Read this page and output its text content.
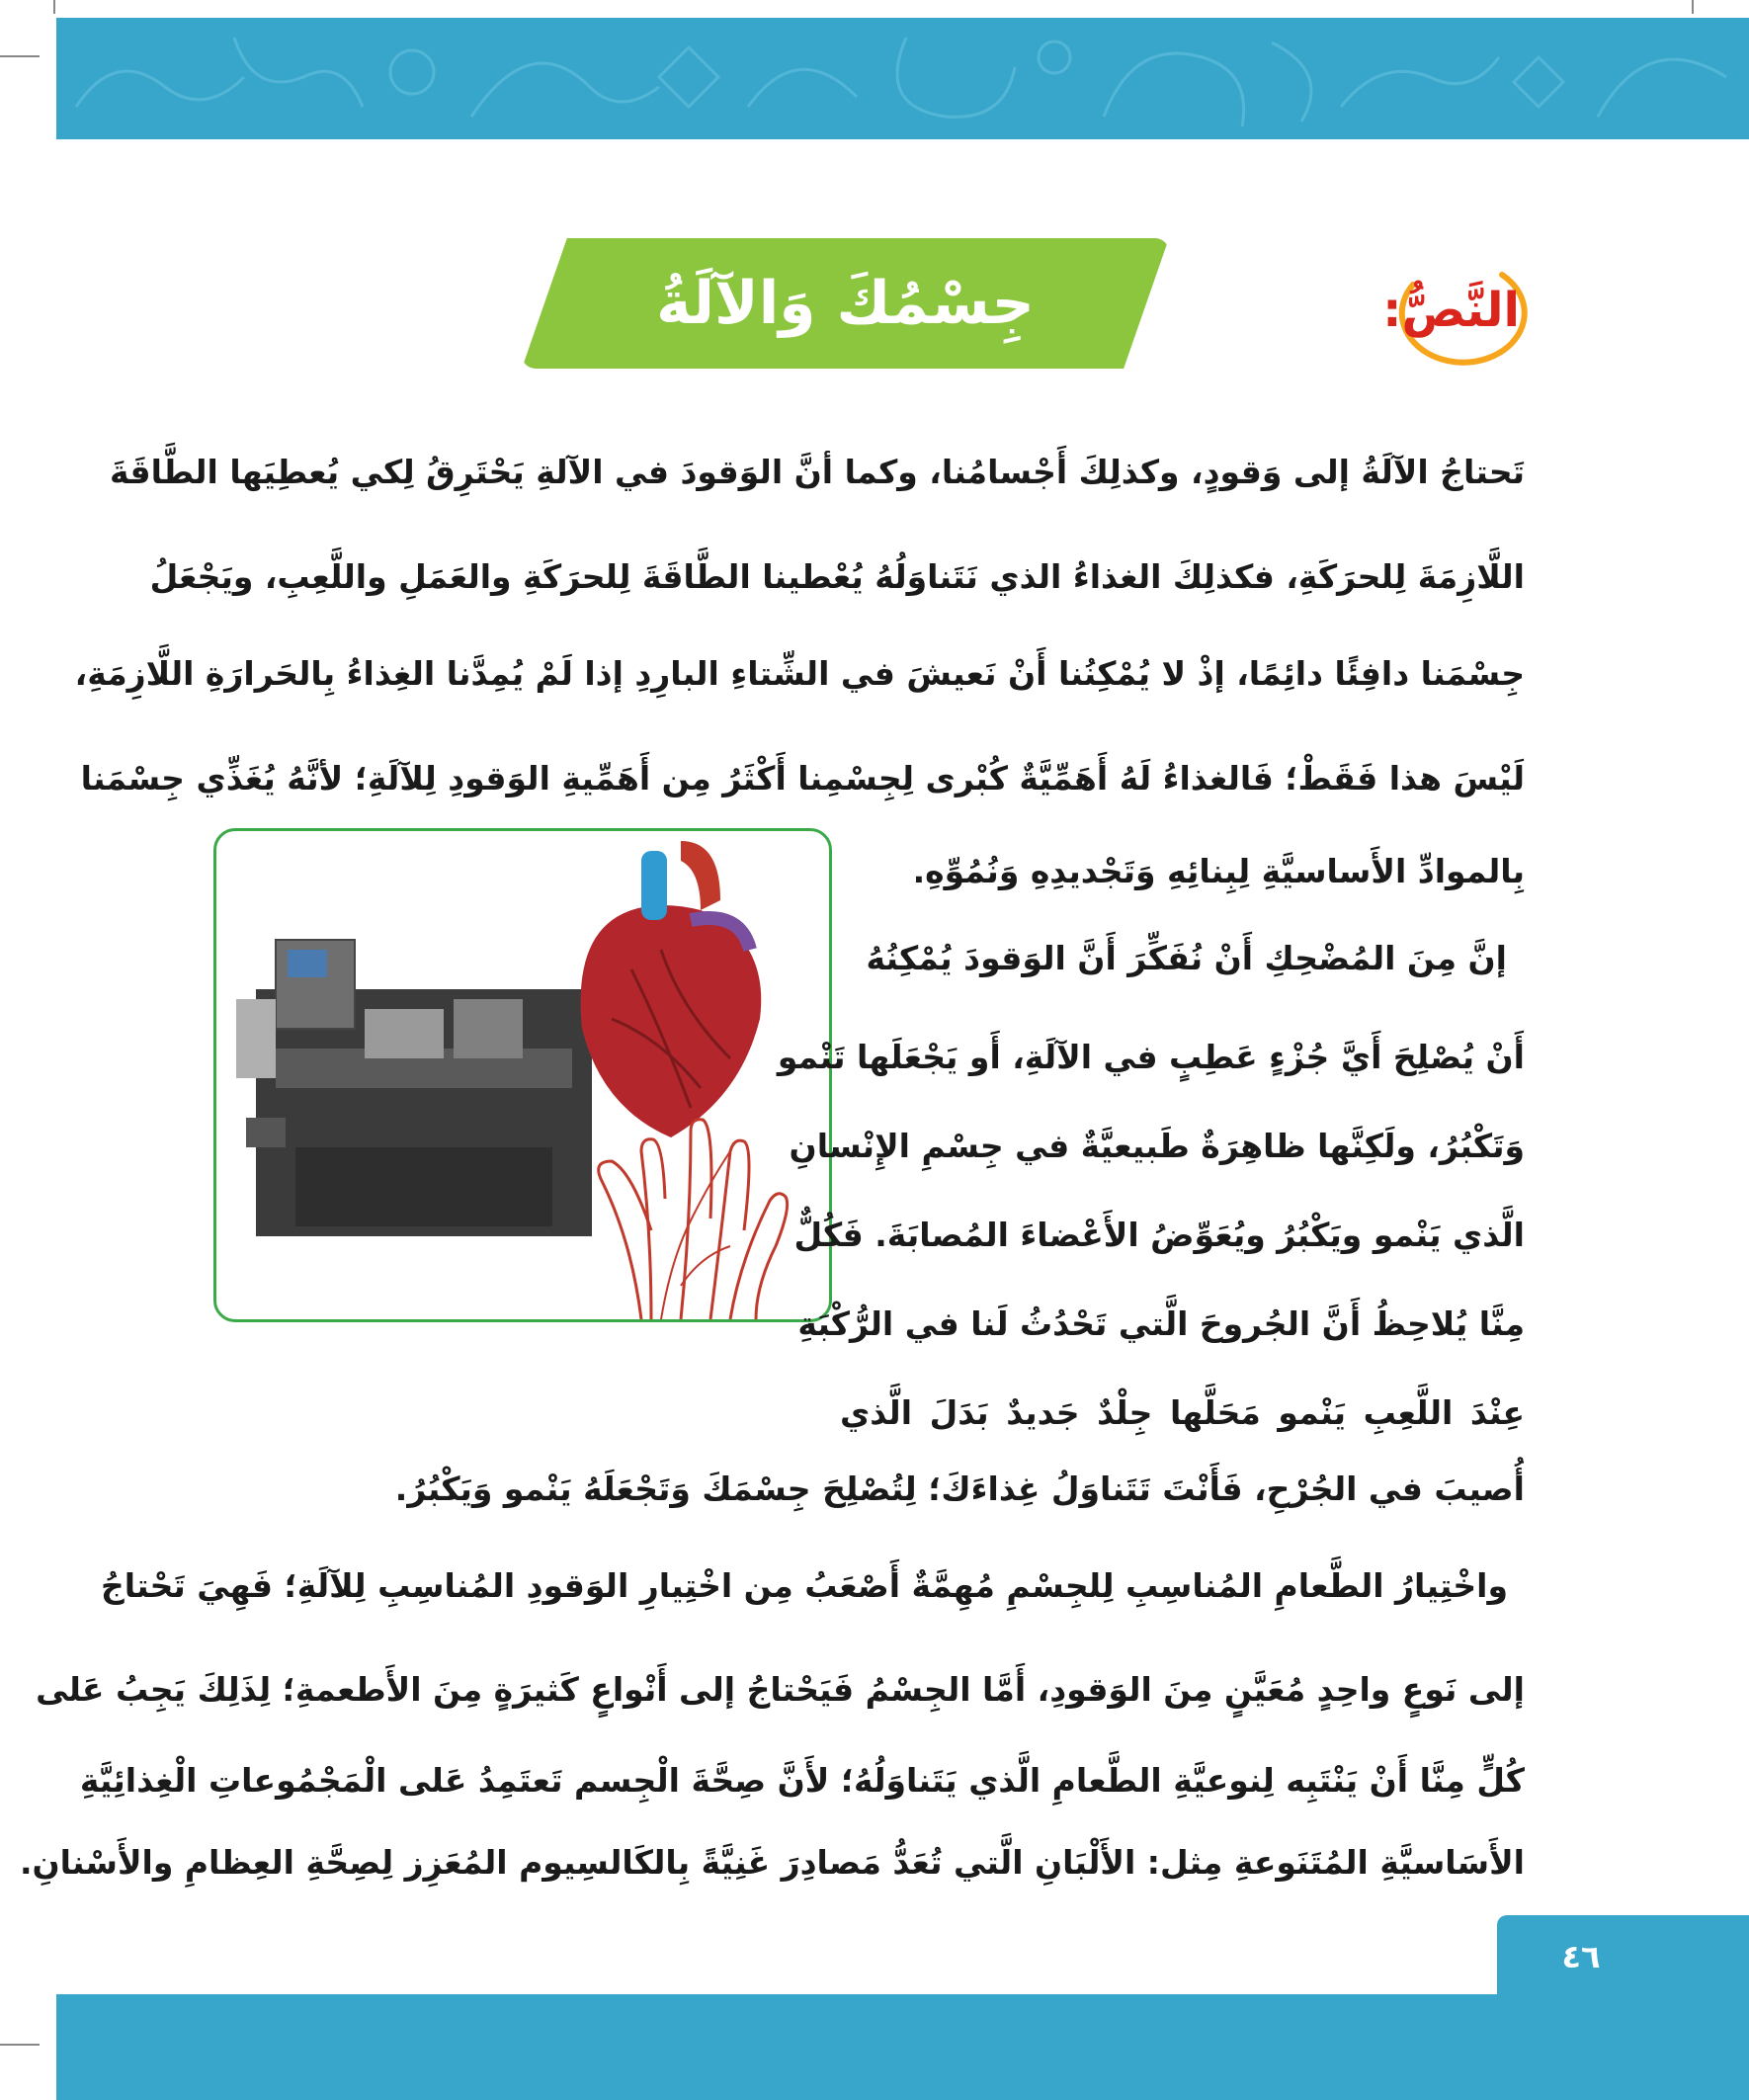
النَّصُّ:
جِسْمُكَ وَالآلَةُ
تَحتاجُ الآلَةُ إلى وَقودٍ، وكذلِكَ أَجْسامُنا، وكما أنَّ الوَقودَ في الآلةِ يَحْتَرِقُ لِكي يُعطِيَها الطَّاقَةَ
اللَّازِمَةَ لِلحرَكَةِ، فكذلِكَ الغذاءُ الذي نَتَناوَلُهُ يُعْطينا الطَّاقَةَ لِلحرَكَةِ والعَمَلِ واللَّعِبِ، ويَجْعَلُ
جِسْمَنا دافِئًا دائِمًا، إذْ لا يُمْكِنُنا أَنْ نَعيشَ في الشِّتاءِ البارِدِ إذا لَمْ يُمِدَّنا الغِذاءُ بِالحَرارَةِ اللَّازِمَةِ،
لَيْسَ هذا فَقَطْ؛ فَالغذاءُ لَهُ أَهَمِّيَّةٌ كُبْرى لِجِسْمِنا أَكْثَرُ مِن أَهَمِّيةِ الوَقودِ لِلآلَةِ؛ لأنَّهُ يُغَذِّي جِسْمَنا
بِالموادِّ الأَساسيَّةِ لِبِنائِهِ وَتَجْديدِهِ وَنُمُوِّهِ.
إنَّ مِنَ المُضْحِكِ أَنْ نُفَكِّرَ أَنَّ الوَقودَ يُمْكِنُهُ
أَنْ يُصْلِحَ أَيَّ جُزْءٍ عَطِبٍ في الآلَةِ، أَو يَجْعَلَها تَنْمو
وَتَكْبُرُ، ولَكِنَّها ظاهِرَةٌ طَبيعيَّةٌ في جِسْمِ الإِنْسانِ
الَّذي يَنْمو ويَكْبُرُ ويُعَوِّضُ الأَعْضاءَ المُصابَةَ. فَكُلٌّ
مِنَّا يُلاحِظُ أَنَّ الجُروحَ الَّتي تَحْدُثُ لَنا في الرُّكْبَةِ
عِنْدَ اللَّعِبِ يَنْمو مَحَلَّها جِلْدٌ جَديدٌ بَدَلَ الَّذي
أُصيبَ في الجُرْحِ، فَأَنْتَ تَتَناوَلُ غِذاءَكَ؛ لِتُصْلِحَ جِسْمَكَ وَتَجْعَلَهُ يَنْمو وَيَكْبُرُ.
واخْتِيارُ الطَّعامِ المُناسِبِ لِلجِسْمِ مُهِمَّةٌ أَصْعَبُ مِن اخْتِيارِ الوَقودِ المُناسِبِ لِلآلَةِ؛ فَهِيَ تَحْتاجُ
إلى نَوعٍ واحِدٍ مُعَيَّنٍ مِنَ الوَقودِ، أَمَّا الجِسْمُ فَيَحْتاجُ إلى أَنْواعٍ كَثيرَةٍ مِنَ الأَطعمةِ؛ لِذَلِكَ يَجِبُ عَلى
كُلٍّ مِنَّا أَنْ يَنْتَبِه لِنوعيَّةِ الطَّعامِ الَّذي يَتَناوَلُهُ؛ لأَنَّ صِحَّةَ الْجِسم تَعتَمِدُ عَلى الْمَجْمُوعاتِ الْغِذائِيَّةِ
الأَسَاسيَّةِ المُتَنَوعةِ مِثل: الأَلْبَانِ الَّتي تُعَدُّ مَصادِرَ غَنِيَّةً بِالكَالسِيوم المُعَزِز لِصِحَّةِ العِظامِ والأَسْنانِ.
٤٦
